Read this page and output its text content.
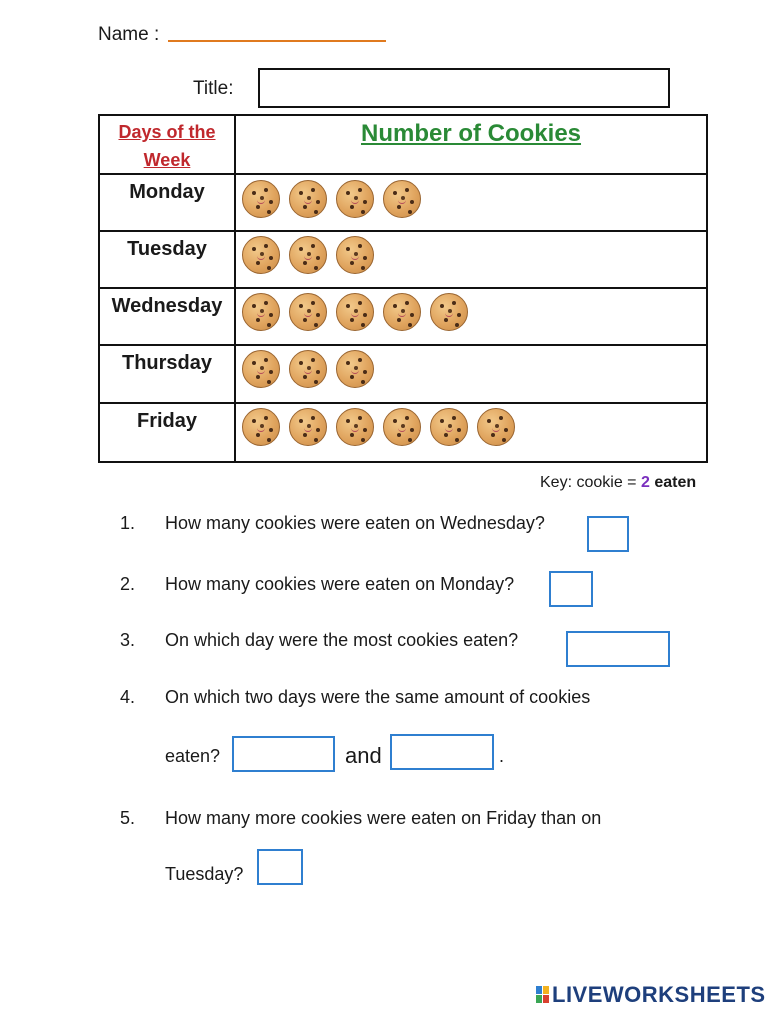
Name :
Title:
Days of the Week
Number of Cookies
Monday
Tuesday
Wednesday
Thursday
Friday
Key: cookie = 2 eaten
1. How many cookies were eaten on Wednesday?
2. How many cookies were eaten on Monday?
3. On which day were the most cookies eaten?
4. On which two days were the same amount of cookies
eaten?	and	.
5. How many more cookies were eaten on Friday than on
Tuesday?
LIVEWORKSHEETS
